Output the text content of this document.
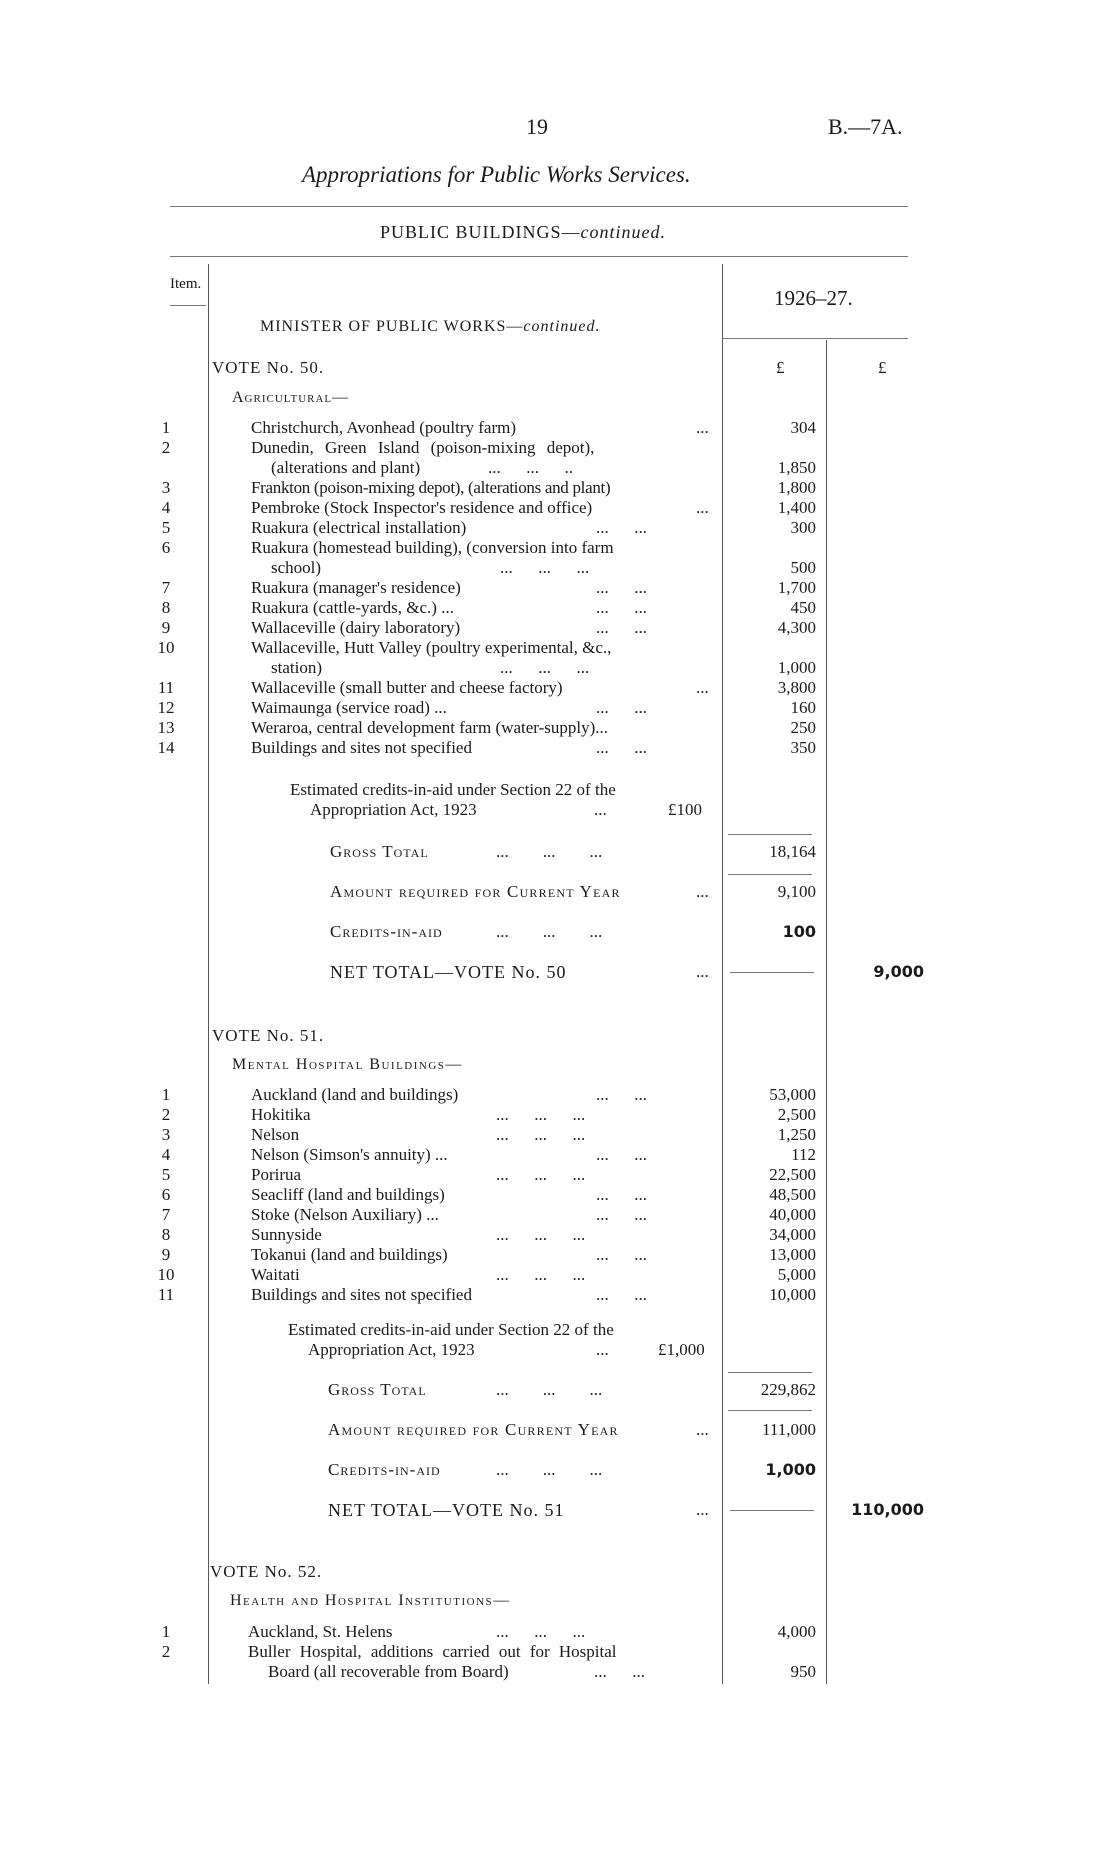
19	B.—7A.
Appropriations for Public Works Services.
PUBLIC BUILDINGS—continued.
Item.
1926–27.
MINISTER OF PUBLIC WORKS—continued.
£	£
VOTE No. 50.
Agricultural—
1	Christchurch, Avonhead (poultry farm)	...	304
2	Dunedin, Green Island (poison-mixing depot),
(alterations and plant)	...      ...      ..	1,850
3	Frankton (poison-mixing depot), (alterations and plant)	1,800
4	Pembroke (Stock Inspector's residence and office)	...	1,400
5	Ruakura (electrical installation)	...      ...	300
6	Ruakura (homestead building), (conversion into farm
school)	...      ...      ...	500
7	Ruakura (manager's residence)	...      ...	1,700
8	Ruakura (cattle-yards, &c.) ...	...      ...	450
9	Wallaceville (dairy laboratory)	...      ...	4,300
10	Wallaceville, Hutt Valley (poultry experimental, &c.,
station)	...      ...      ...	1,000
11	Wallaceville (small butter and cheese factory)	...	3,800
12	Waimaunga (service road) ...	...      ...	160
13	Weraroa, central development farm (water-supply)...	250
14	Buildings and sites not specified	...      ...	350
Estimated credits-in-aid under Section 22 of the
Appropriation Act, 1923	...	£100
Gross Total	...        ...        ...	18,164
Amount required for Current Year	...	9,100
Credits-in-aid	...        ...        ...	100
NET TOTAL—VOTE No. 50	...	9,000
VOTE No. 51.
Mental Hospital Buildings—
1	Auckland (land and buildings)	...      ...	53,000
2	Hokitika	...      ...      ...	2,500
3	Nelson	...      ...      ...	1,250
4	Nelson (Simson's annuity) ...	...      ...	112
5	Porirua	...      ...      ...	22,500
6	Seacliff (land and buildings)	...      ...	48,500
7	Stoke (Nelson Auxiliary) ...	...      ...	40,000
8	Sunnyside	...      ...      ...	34,000
9	Tokanui (land and buildings)	...      ...	13,000
10	Waitati	...      ...      ...	5,000
11	Buildings and sites not specified	...      ...	10,000
Estimated credits-in-aid under Section 22 of the
Appropriation Act, 1923	...	£1,000
Gross Total	...        ...        ...	229,862
Amount required for Current Year	...	111,000
Credits-in-aid	...        ...        ...	1,000
NET TOTAL—VOTE No. 51	...	110,000
VOTE No. 52.
Health and Hospital Institutions—
1	Auckland, St. Helens	...      ...      ...	4,000
2	Buller Hospital, additions carried out for Hospital
Board (all recoverable from Board)	...      ...	950
